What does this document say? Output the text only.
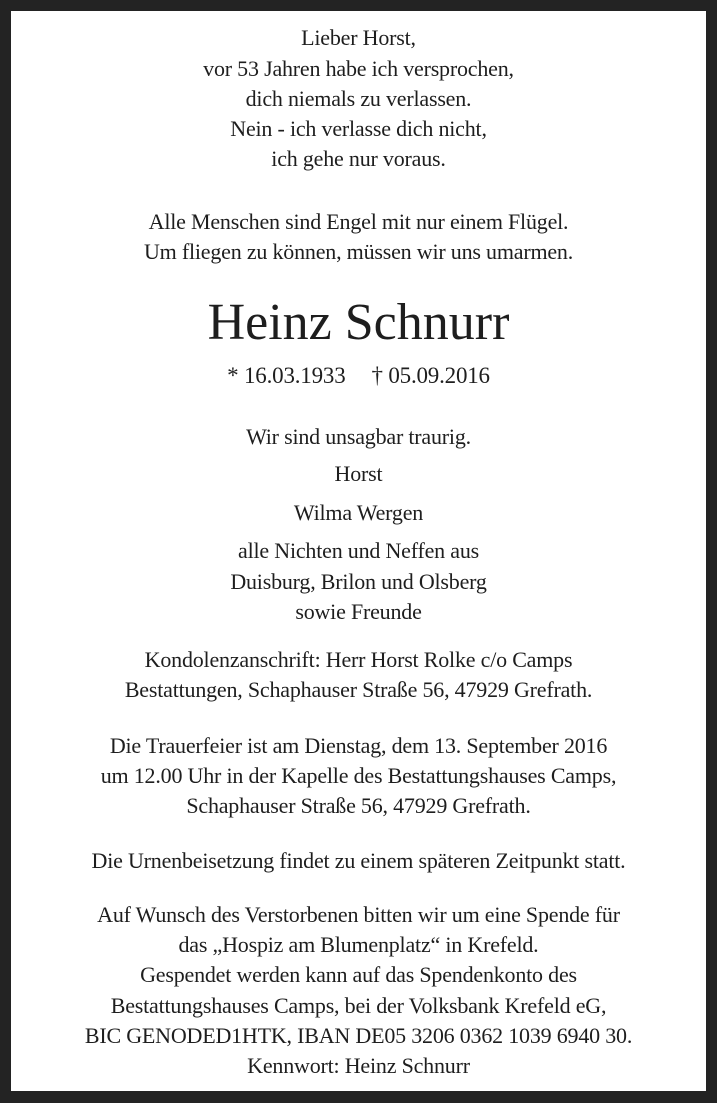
Lieber Horst,
vor 53 Jahren habe ich versprochen,
dich niemals zu verlassen.
Nein - ich verlasse dich nicht,
ich gehe nur voraus.
Alle Menschen sind Engel mit nur einem Flügel.
Um fliegen zu können, müssen wir uns umarmen.
Heinz Schnurr
* 16.03.1933 † 05.09.2016
Wir sind unsagbar traurig.
Horst
Wilma Wergen
alle Nichten und Neffen aus
Duisburg, Brilon und Olsberg
sowie Freunde
Kondolenzanschrift: Herr Horst Rolke c/o Camps
Bestattungen, Schaphauser Straße 56, 47929 Grefrath.
Die Trauerfeier ist am Dienstag, dem 13. September 2016
um 12.00 Uhr in der Kapelle des Bestattungshauses Camps,
Schaphauser Straße 56, 47929 Grefrath.
Die Urnenbeisetzung findet zu einem späteren Zeitpunkt statt.
Auf Wunsch des Verstorbenen bitten wir um eine Spende für
das „Hospiz am Blumenplatz“ in Krefeld.
Gespendet werden kann auf das Spendenkonto des
Bestattungshauses Camps, bei der Volksbank Krefeld eG,
BIC GENODED1HTK, IBAN DE05 3206 0362 1039 6940 30.
Kennwort: Heinz Schnurr
